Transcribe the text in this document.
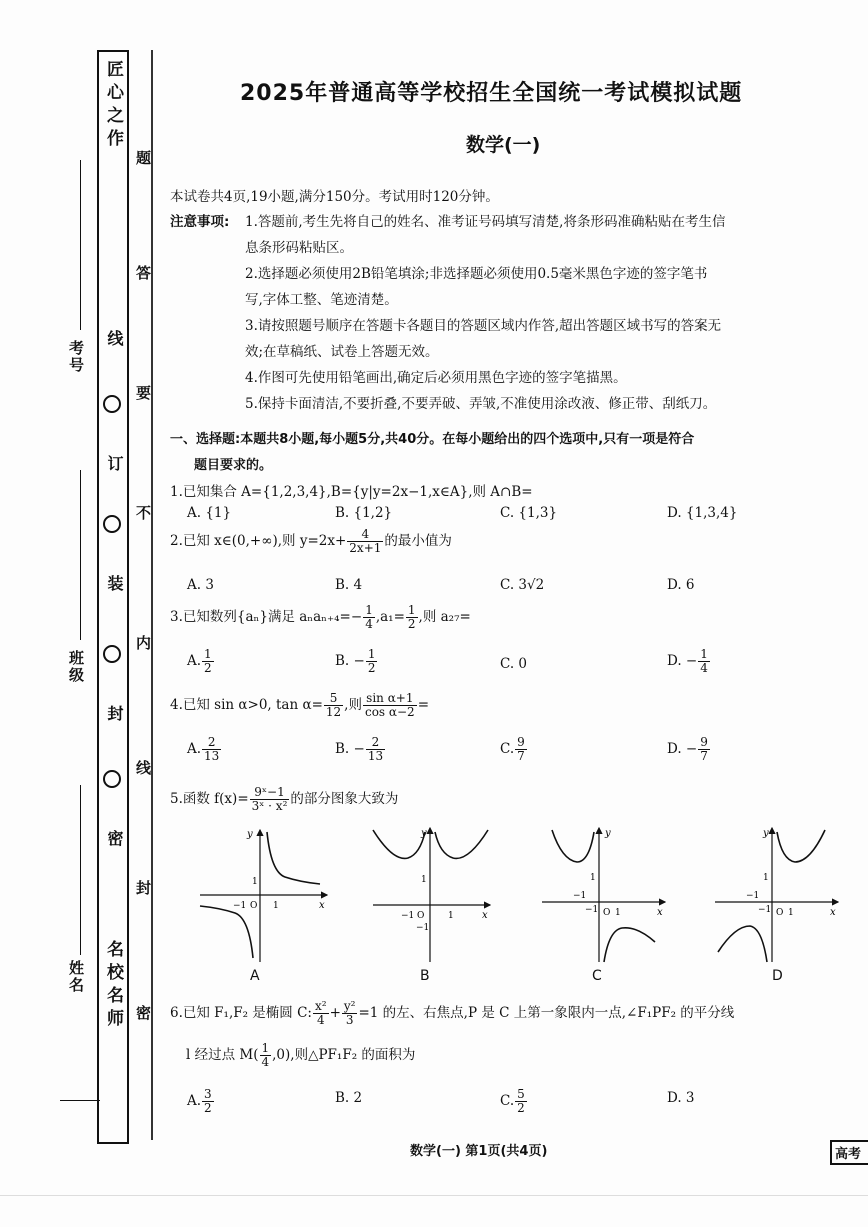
匠心之作
名校名师
线
订
装
封
密
题
答
要
不
内
线
封
密
考号
班级
姓名
2025年普通高等学校招生全国统一考试模拟试题
数学(一)
本试卷共4页,19小题,满分150分。考试用时120分钟。
注意事项: 1.答题前,考生先将自己的姓名、准考证号码填写清楚,将条形码准确粘贴在考生信
息条形码粘贴区。
2.选择题必须使用2B铅笔填涂;非选择题必须使用0.5毫米黑色字迹的签字笔书
写,字体工整、笔迹清楚。
3.请按照题号顺序在答题卡各题目的答题区域内作答,超出答题区域书写的答案无
效;在草稿纸、试卷上答题无效。
4.作图可先使用铅笔画出,确定后必须用黑色字迹的签字笔描黑。
5.保持卡面清洁,不要折叠,不要弄破、弄皱,不准使用涂改液、修正带、刮纸刀。
一、选择题:本题共8小题,每小题5分,共40分。在每小题给出的四个选项中,只有一项是符合
题目要求的。
1.已知集合 A={1,2,3,4},B={y|y=2x−1,x∈A},则 A∩B=
A. {1}	B. {1,2}	C. {1,3}	D. {1,3,4}
2.已知 x∈(0,+∞),则 $y=2x+ \frac{4}{2x+1}$ 的最小值为
A. 3	B. 4	C. 3√2	D. 6
3.已知数列{aₙ}满足 $a_na_{n+4}=- \frac{1}{4} ,a_1= \frac{1}{2}$ ,则 a₂₇=
A. $\frac{1}{2}$	B. − $\frac{1}{2}$	C. 0	D. − $\frac{1}{4}$
4.已知 sin α>0, $\tan \alpha= \frac{5}{12}$ ,则 $\frac{\text{sin α+1}}{\text{cos α−2}}$ =
A. $\frac{2}{13}$	B. − $\frac{2}{13}$	C. $\frac{9}{7}$	D. − $\frac{9}{7}$
5.函数 $f(x)= \frac{\text{9ˣ−1}}{\text{3ˣ · x²}}$ 的部分图象大致为
y
x
−1 O 1
1
A
y
x
−1 O	1
1
−1
B
y
x
−1
O 1
1
−1
C
y
x
−1
O 1
1
−1
D
6.已知 F₁,F₂ 是椭圆 C: $\frac{\text{x²}}{4} + \frac{\text{y²}}{3} =1$ 的左、右焦点,P 是 C 上第一象限内一点,∠F₁PF₂ 的平分线
l 经过点 $M( \frac{1}{4} ,0)$,则△PF₁F₂ 的面积为
A. $\frac{3}{2}$	B. 2	C. $\frac{5}{2}$	D. 3
数学(一) 第1页(共4页)	高考
